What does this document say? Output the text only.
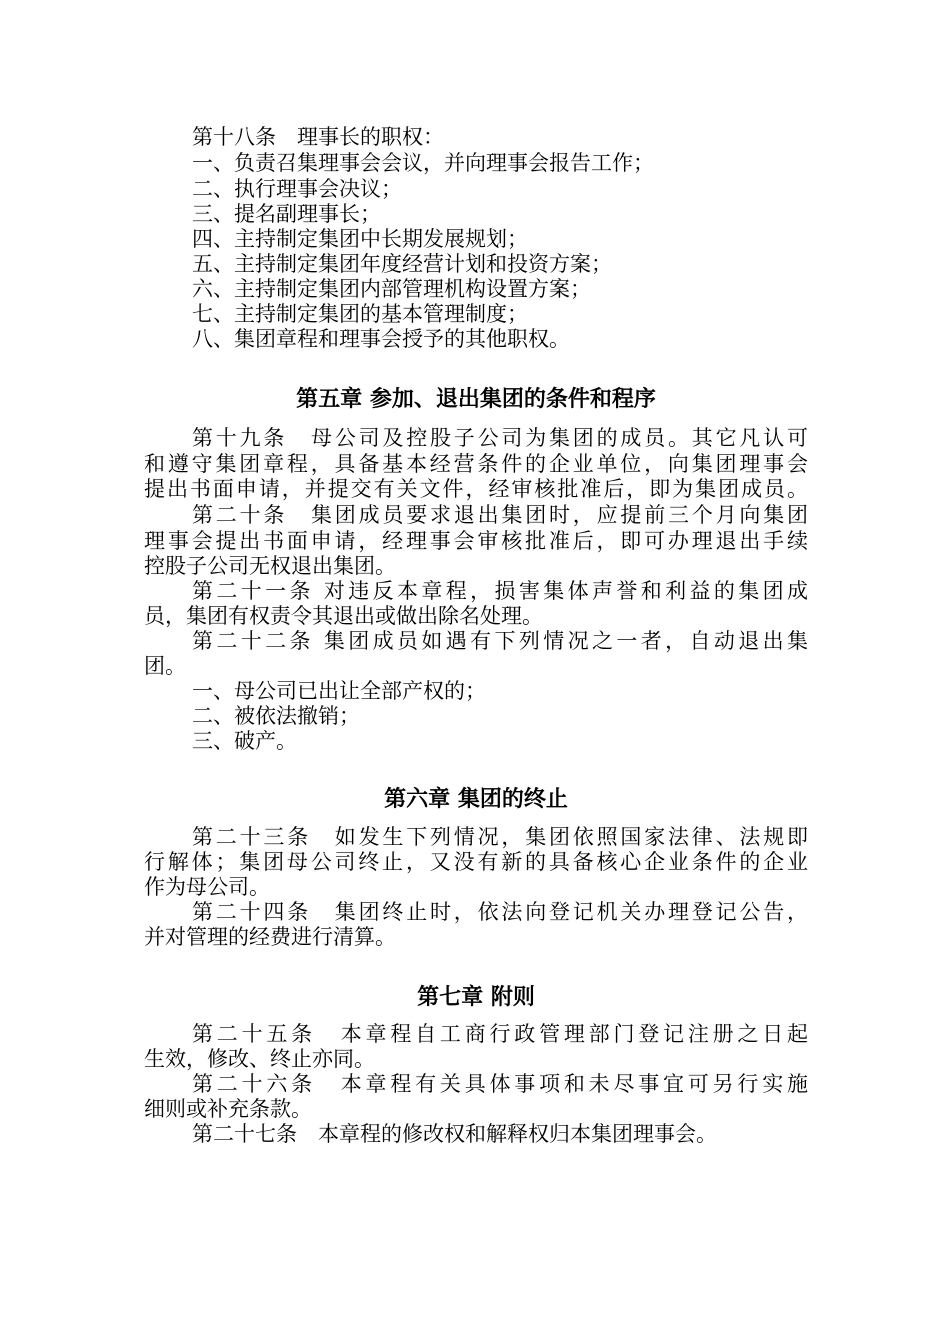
第十八条　理事长的职权：
一、负责召集理事会会议，并向理事会报告工作；
二、执行理事会决议；
三、提名副理事长；
四、主持制定集团中长期发展规划；
五、主持制定集团年度经营计划和投资方案；
六、主持制定集团内部管理机构设置方案；
七、主持制定集团的基本管理制度；
八、集团章程和理事会授予的其他职权。
第五章 参加、退出集团的条件和程序
第十九条　母公司及控股子公司为集团的成员。其它凡认可
和遵守集团章程，具备基本经营条件的企业单位，向集团理事会
提出书面申请，并提交有关文件，经审核批准后，即为集团成员。
第二十条　集团成员要求退出集团时，应提前三个月向集团
理事会提出书面申请，经理事会审核批准后，即可办理退出手续
控股子公司无权退出集团。
第二十一条 对违反本章程，损害集体声誉和利益的集团成
员，集团有权责令其退出或做出除名处理。
第二十二条 集团成员如遇有下列情况之一者，自动退出集
团。
一、母公司已出让全部产权的；
二、被依法撤销；
三、破产。
第六章 集团的终止
第二十三条　如发生下列情况，集团依照国家法律、法规即
行解体；集团母公司终止，又没有新的具备核心企业条件的企业
作为母公司。
第二十四条　集团终止时，依法向登记机关办理登记公告，
并对管理的经费进行清算。
第七章 附则
第二十五条　本章程自工商行政管理部门登记注册之日起
生效，修改、终止亦同。
第二十六条　本章程有关具体事项和未尽事宜可另行实施
细则或补充条款。
第二十七条　本章程的修改权和解释权归本集团理事会。
